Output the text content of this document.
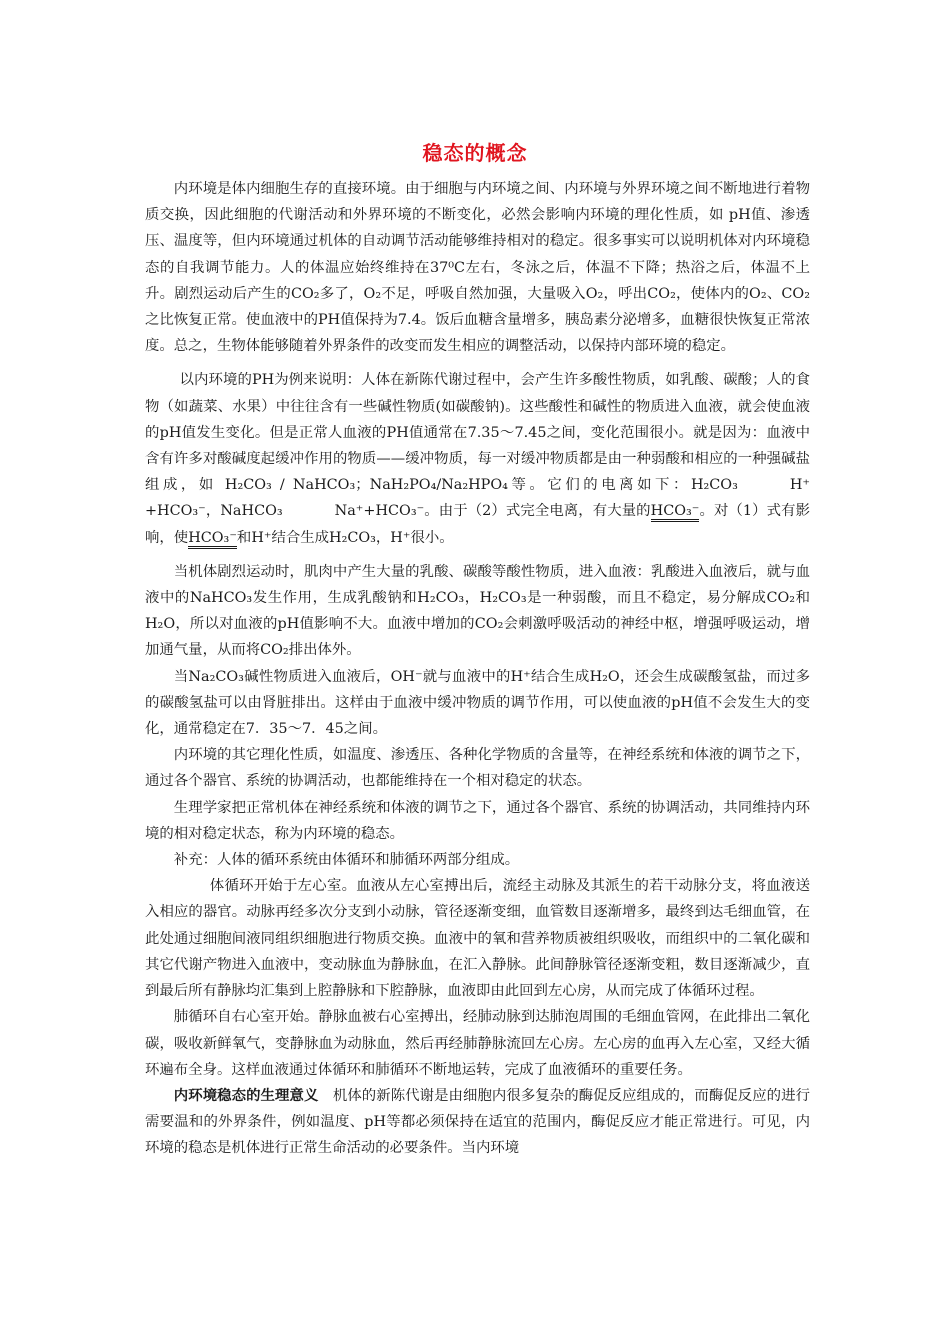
稳态的概念

内环境是体内细胞生存的直接环境。由于细胞与内环境之间、内环境与外界环境之间不断地进行着物质交换，因此细胞的代谢活动和外界环境的不断变化，必然会影响内环境的理化性质，如 pH值、渗透压、温度等，但内环境通过机体的自动调节活动能够维持相对的稳定。很多事实可以说明机体对内环境稳态的自我调节能力。人的体温应始终维持在37⁰C左右，冬泳之后，体温不下降；热浴之后，体温不上升。剧烈运动后产生的CO₂多了，O₂不足，呼吸自然加强，大量吸入O₂，呼出CO₂，使体内的O₂、CO₂之比恢复正常。使血液中的PH值保持为7.4。饭后血糖含量增多，胰岛素分泌增多，血糖很快恢复正常浓度。总之，生物体能够随着外界条件的改变而发生相应的调整活动，以保持内部环境的稳定。

以内环境的PH为例来说明：人体在新陈代谢过程中，会产生许多酸性物质，如乳酸、碳酸；人的食物（如蔬菜、水果）中往往含有一些碱性物质(如碳酸钠)。这些酸性和碱性的物质进入血液，就会使血液的pH值发生变化。但是正常人血液的PH值通常在7.35～7.45之间，变化范围很小。就是因为：血液中含有许多对酸碱度起缓冲作用的物质——缓冲物质，每一对缓冲物质都是由一种弱酸和相应的一种强碱盐组成，如 H₂CO₃ / NaHCO₃；NaH₂PO₄/Na₂HPO₄等。它们的电离如下：H₂CO₃	H⁺ +HCO₃⁻，NaHCO₃	Na⁺+HCO₃⁻。由于（2）式完全电离，有大量的HCO₃⁻。对（1）式有影响，使HCO₃⁻和H⁺结合生成H₂CO₃，H⁺很小。

当机体剧烈运动时，肌肉中产生大量的乳酸、碳酸等酸性物质，进入血液：乳酸进入血液后，就与血液中的NaHCO₃发生作用，生成乳酸钠和H₂CO₃，H₂CO₃是一种弱酸，而且不稳定，易分解成CO₂和H₂O，所以对血液的pH值影响不大。血液中增加的CO₂会刺激呼吸活动的神经中枢，增强呼吸运动，增加通气量，从而将CO₂排出体外。

当Na₂CO₃碱性物质进入血液后，OH⁻就与血液中的H⁺结合生成H₂O，还会生成碳酸氢盐，而过多的碳酸氢盐可以由肾脏排出。这样由于血液中缓冲物质的调节作用，可以使血液的pH值不会发生大的变化，通常稳定在7．35～7．45之间。

内环境的其它理化性质，如温度、渗透压、各种化学物质的含量等，在神经系统和体液的调节之下，通过各个器官、系统的协调活动，也都能维持在一个相对稳定的状态。

生理学家把正常机体在神经系统和体液的调节之下，通过各个器官、系统的协调活动，共同维持内环境的相对稳定状态，称为内环境的稳态。

补充：人体的循环系统由体循环和肺循环两部分组成。

体循环开始于左心室。血液从左心室搏出后，流经主动脉及其派生的若干动脉分支，将血液送入相应的器官。动脉再经多次分支到小动脉，管径逐渐变细，血管数目逐渐增多，最终到达毛细血管，在此处通过细胞间液同组织细胞进行物质交换。血液中的氧和营养物质被组织吸收，而组织中的二氧化碳和其它代谢产物进入血液中，变动脉血为静脉血，在汇入静脉。此间静脉管径逐渐变粗，数目逐渐减少，直到最后所有静脉均汇集到上腔静脉和下腔静脉，血液即由此回到左心房，从而完成了体循环过程。

肺循环自右心室开始。静脉血被右心室搏出，经肺动脉到达肺泡周围的毛细血管网，在此排出二氧化碳，吸收新鲜氧气，变静脉血为动脉血，然后再经肺静脉流回左心房。左心房的血再入左心室，又经大循环遍布全身。这样血液通过体循环和肺循环不断地运转，完成了血液循环的重要任务。

内环境稳态的生理意义　机体的新陈代谢是由细胞内很多复杂的酶促反应组成的，而酶促反应的进行需要温和的外界条件，例如温度、pH等都必须保持在适宜的范围内，酶促反应才能正常进行。可见，内环境的稳态是机体进行正常生命活动的必要条件。当内环境
